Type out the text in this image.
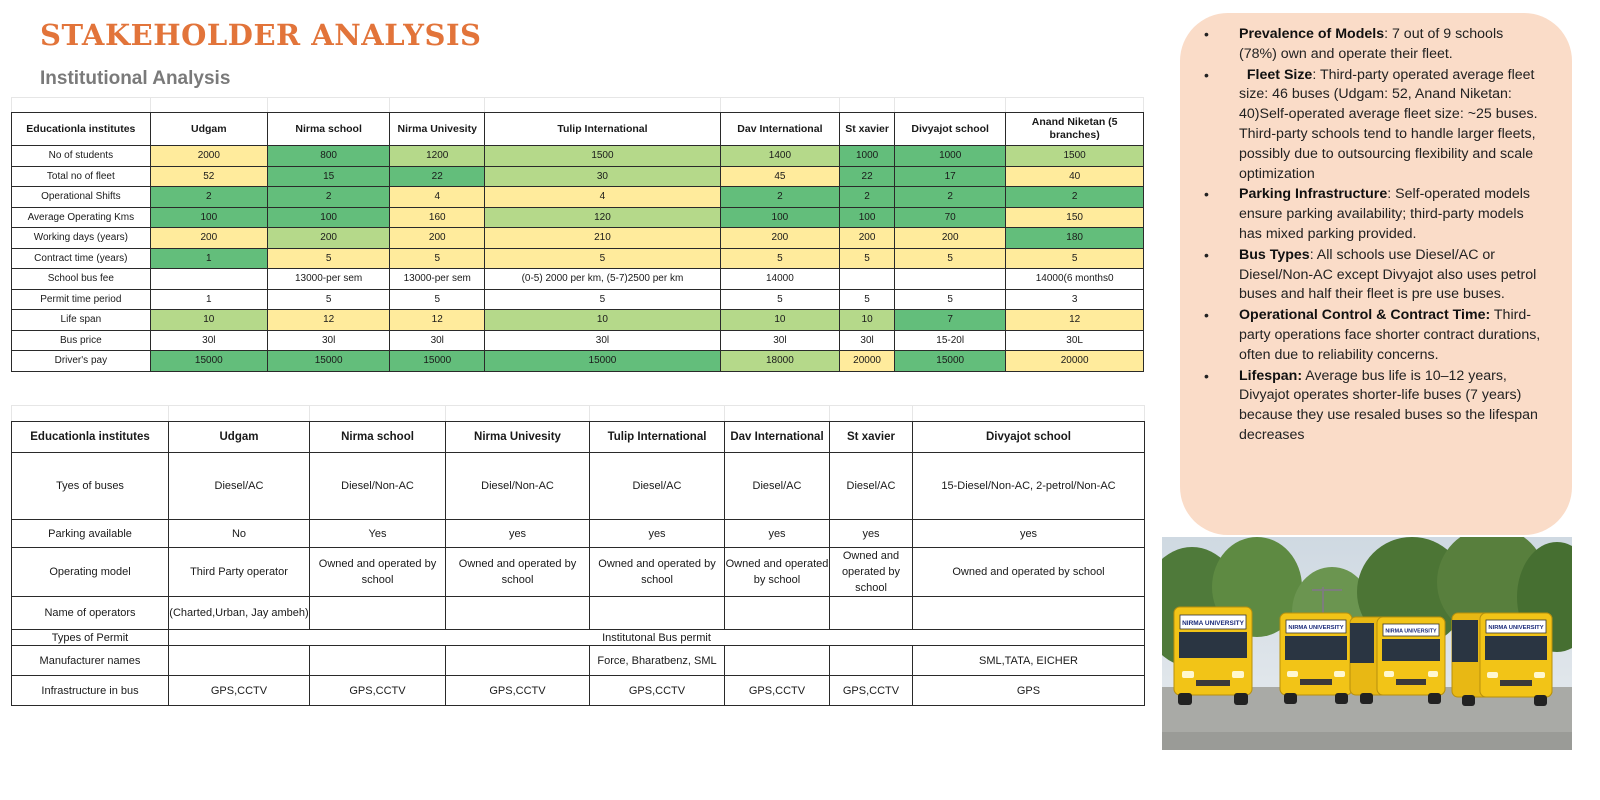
STAKEHOLDER ANALYSIS
Institutional Analysis

Educationla institutes	Udgam	Nirma school	Nirma Univesity	Tulip International	Dav International	St xavier	Divyajot school	Anand Niketan (5 branches)
No of students	2000	800	1200	1500	1400	1000	1000	1500
Total no of fleet	52	15	22	30	45	22	17	40
Operational Shifts	2	2	4	4	2	2	2	2
Average Operating Kms	100	100	160	120	100	100	70	150
Working days (years)	200	200	200	210	200	200	200	180
Contract time (years)	1	5	5	5	5	5	5	5
School bus fee		13000-per sem	13000-per sem	(0-5) 2000 per km, (5-7)2500 per km	14000			14000(6 months0
Permit time period	1	5	5	5	5	5	5	3
Life span	10	12	12	10	10	10	7	12
Bus price	30l	30l	30l	30l	30l	30l	15-20l	30L
Driver's pay	15000	15000	15000	15000	18000	20000	15000	20000

Educationla institutes	Udgam	Nirma school	Nirma Univesity	Tulip International	Dav International	St xavier	Divyajot school
Tyes of buses	Diesel/AC	Diesel/Non-AC	Diesel/Non-AC	Diesel/AC	Diesel/AC	Diesel/AC	15-Diesel/Non-AC, 2-petrol/Non-AC
Parking available	No	Yes	yes	yes	yes	yes	yes
Operating model	Third Party operator	Owned and operated by school	Owned and operated by school	Owned and operated by school	Owned and operated by school	Owned and operated by school	Owned and operated by school
Name of operators	(Charted,Urban, Jay ambeh)						
Types of Permit	Institutonal Bus permit						
Manufacturer names				Force, Bharatbenz, SML			SML,TATA, EICHER
Infrastructure in bus	GPS,CCTV	GPS,CCTV	GPS,CCTV	GPS,CCTV	GPS,CCTV	GPS,CCTV	GPS
• Prevalence of Models: 7 out of 9 schools (78%) own and operate their fleet.
• Fleet Size: Third-party operated average fleet size: 46 buses (Udgam: 52, Anand Niketan: 40)Self-operated average fleet size: ~25 buses. Third-party schools tend to handle larger fleets, possibly due to outsourcing flexibility and scale optimization
• Parking Infrastructure: Self-operated models ensure parking availability; third-party models has mixed parking provided.
• Bus Types: All schools use Diesel/AC or Diesel/Non-AC except Divyajot also uses petrol buses and half their fleet is pre use buses.
• Operational Control & Contract Time: Third-party operations face shorter contract durations, often due to reliability concerns.
• Lifespan: Average bus life is 10–12 years, Divyajot operates shorter-life buses (7 years) because they use resaled buses so the lifespan decreases
NIRMA UNIVERSITY
NIRMA UNIVERSITY
NIRMA UNIVERSITY
NIRMA UNIVERSITY
